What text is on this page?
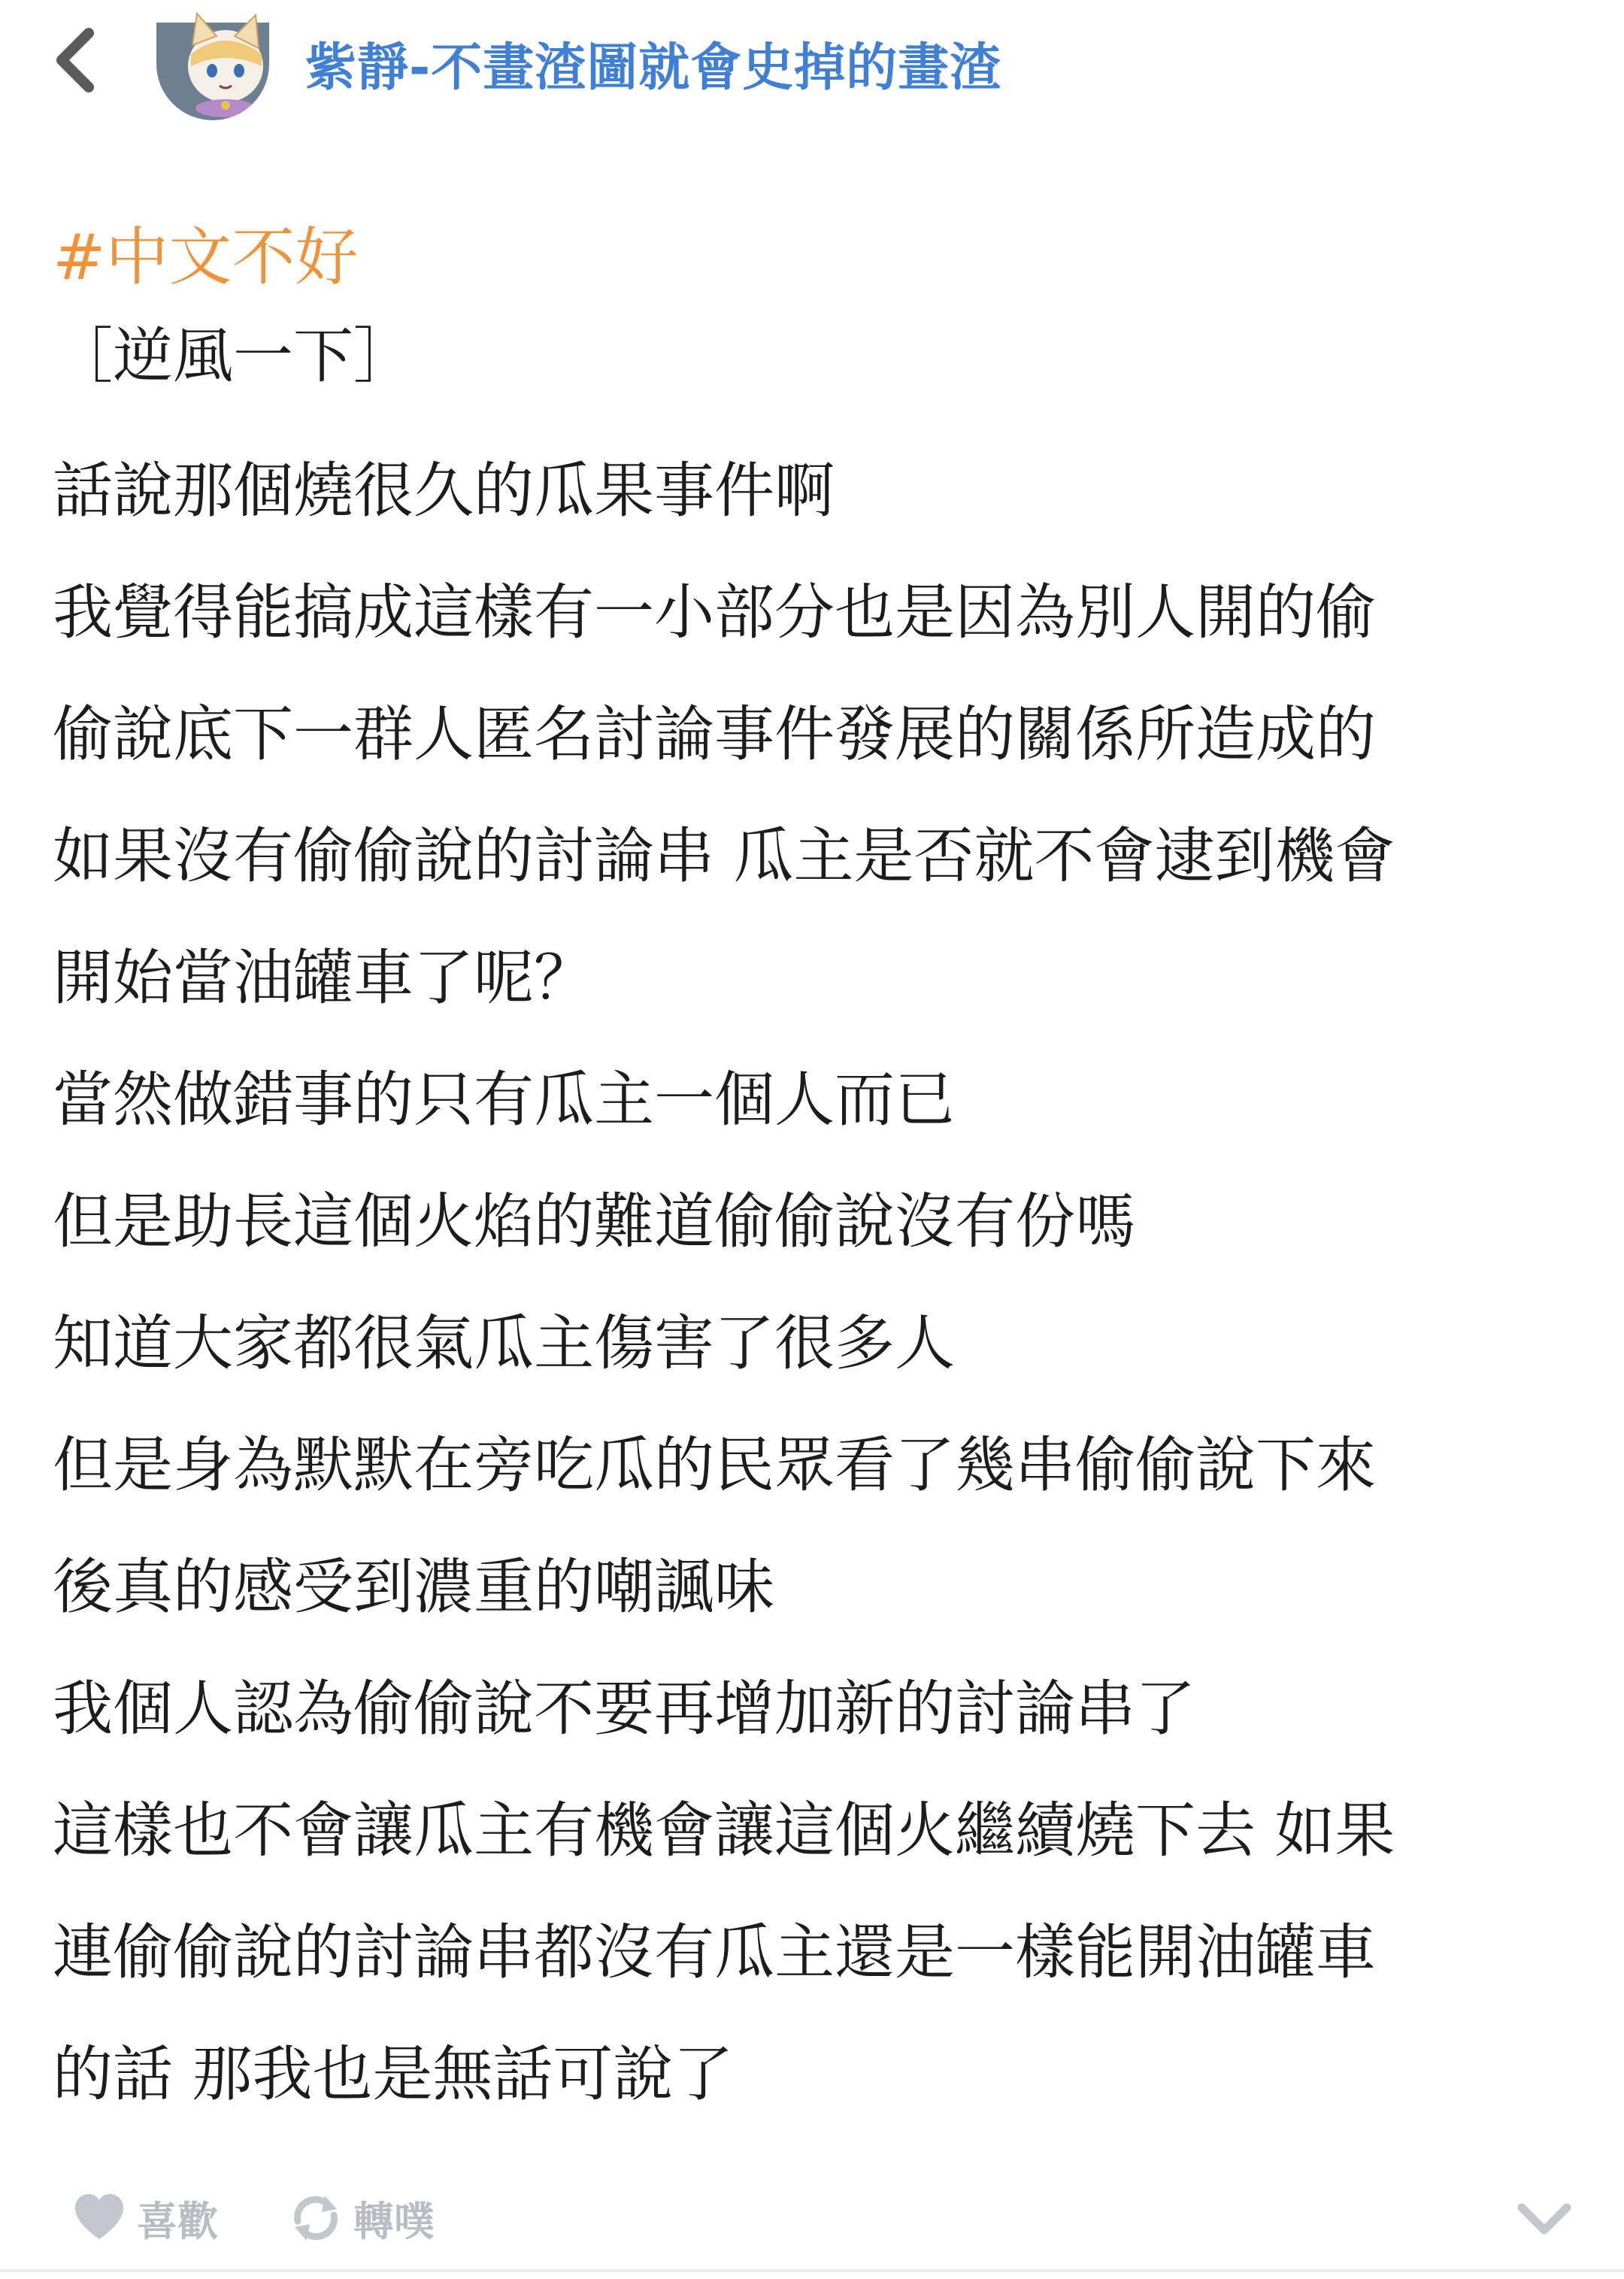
紫靜-不畫渣圖就會史掉的畫渣
#中文不好
［逆風一下］
話說那個燒很久的瓜果事件啊
我覺得能搞成這樣有一小部分也是因為別人開的偷
偷說底下一群人匿名討論事件發展的關係所造成的
如果沒有偷偷說的討論串 瓜主是否就不會逮到機會
開始當油罐車了呢？
當然做錯事的只有瓜主一個人而已
但是助長這個火焰的難道偷偷說沒有份嗎
知道大家都很氣瓜主傷害了很多人
但是身為默默在旁吃瓜的民眾看了幾串偷偷說下來
後真的感受到濃重的嘲諷味
我個人認為偷偷說不要再增加新的討論串了
這樣也不會讓瓜主有機會讓這個火繼續燒下去 如果
連偷偷說的討論串都沒有瓜主還是一樣能開油罐車
的話 那我也是無話可說了
喜歡	轉噗
